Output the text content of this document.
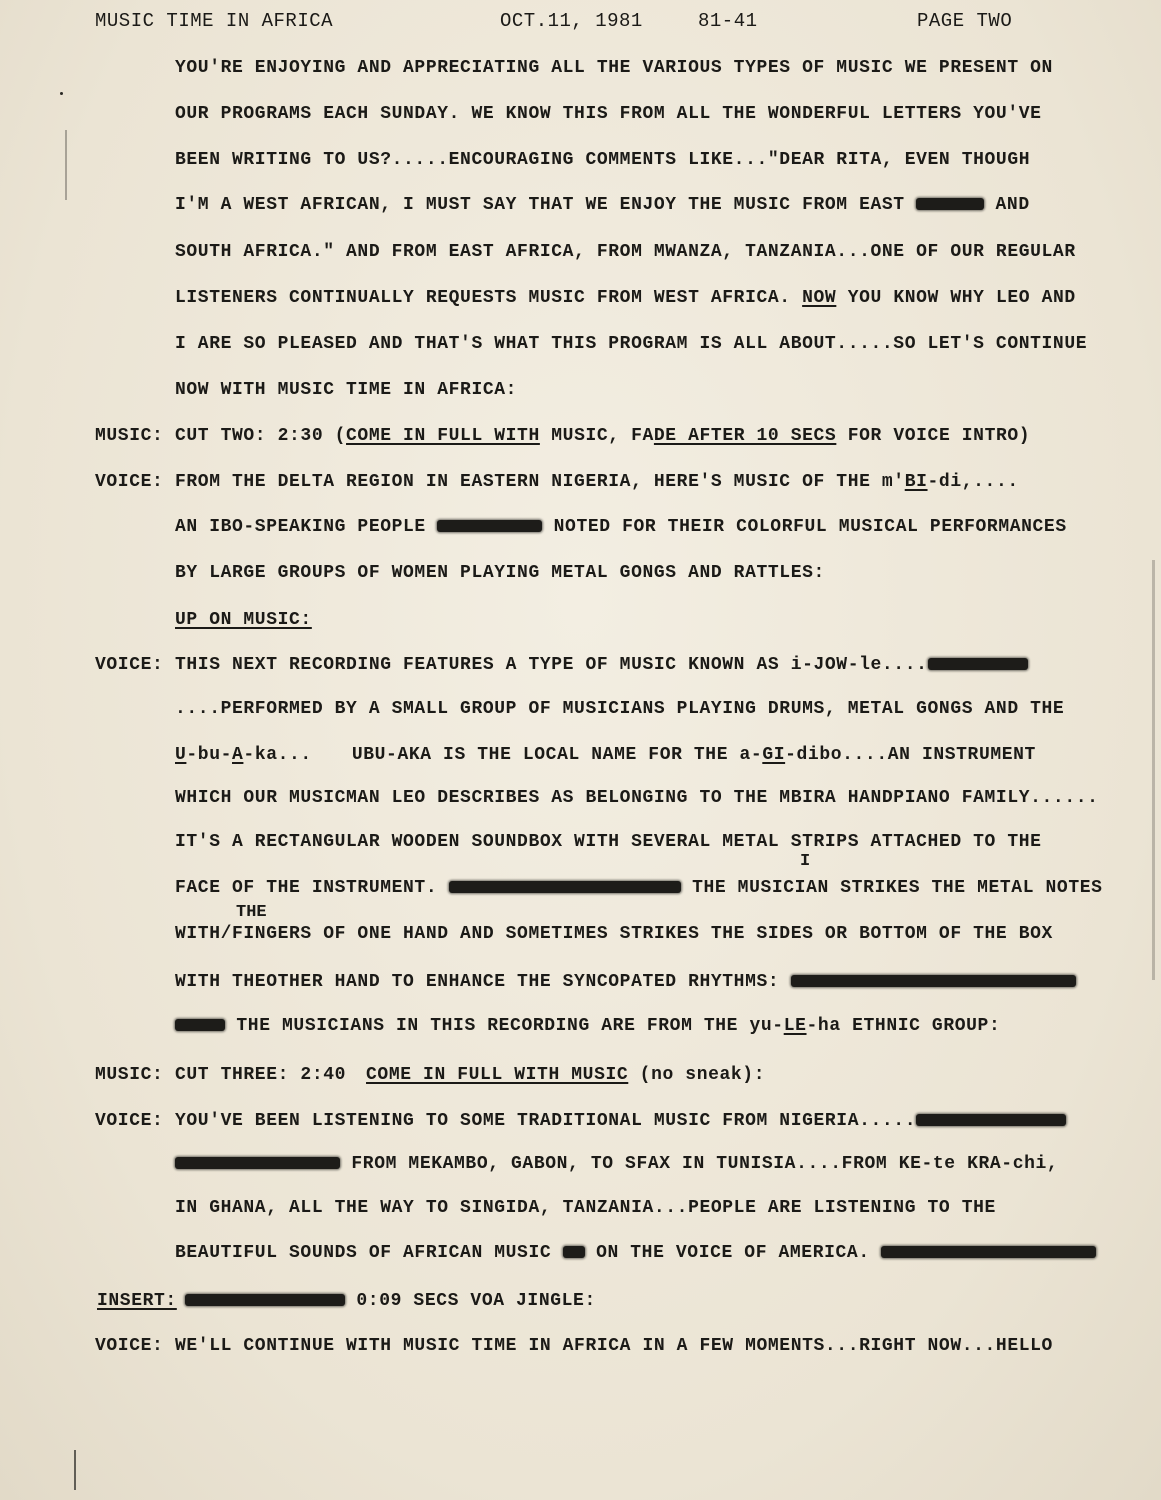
MUSIC TIME IN AFRICA	OCT.11, 1981	81-41	PAGE TWO
YOU'RE ENJOYING AND APPRECIATING ALL THE VARIOUS TYPES OF MUSIC WE PRESENT ON
OUR PROGRAMS EACH SUNDAY. WE KNOW THIS FROM ALL THE WONDERFUL LETTERS YOU'VE
BEEN WRITING TO US?.....ENCOURAGING COMMENTS LIKE..."DEAR RITA, EVEN THOUGH
I'M A WEST AFRICAN, I MUST SAY THAT WE ENJOY THE MUSIC FROM EAST	AND
SOUTH AFRICA." AND FROM EAST AFRICA, FROM MWANZA, TANZANIA...ONE OF OUR REGULAR
LISTENERS CONTINUALLY REQUESTS MUSIC FROM WEST AFRICA. NOW YOU KNOW WHY LEO AND
I ARE SO PLEASED AND THAT'S WHAT THIS PROGRAM IS ALL ABOUT.....SO LET'S CONTINUE
NOW WITH MUSIC TIME IN AFRICA:
MUSIC: CUT TWO: 2:30 (COME IN FULL WITH MUSIC, FADE AFTER 10 SECS FOR VOICE INTRO)
VOICE: FROM THE DELTA REGION IN EASTERN NIGERIA, HERE'S MUSIC OF THE m'BI-di,....
AN IBO-SPEAKING PEOPLE	NOTED FOR THEIR COLORFUL MUSICAL PERFORMANCES
BY LARGE GROUPS OF WOMEN PLAYING METAL GONGS AND RATTLES:
UP ON MUSIC:
VOICE: THIS NEXT RECORDING FEATURES A TYPE OF MUSIC KNOWN AS i-JOW-le....
....PERFORMED BY A SMALL GROUP OF MUSICIANS PLAYING DRUMS, METAL GONGS AND THE
U-bu-A-ka... UBU-AKA IS THE LOCAL NAME FOR THE a-GI-dibo....AN INSTRUMENT
WHICH OUR MUSICMAN LEO DESCRIBES AS BELONGING TO THE MBIRA HANDPIANO FAMILY......
IT'S A RECTANGULAR WOODEN SOUNDBOX WITH SEVERAL METAL STRIPS ATTACHED TO THE
I
FACE OF THE INSTRUMENT.	THE MUSICIAN STRIKES THE METAL NOTES
THE
WITH/FINGERS OF ONE HAND AND SOMETIMES STRIKES THE SIDES OR BOTTOM OF THE BOX
WITH THEOTHER HAND TO ENHANCE THE SYNCOPATED RHYTHMS:
THE MUSICIANS IN THIS RECORDING ARE FROM THE yu-LE-ha ETHNIC GROUP:
MUSIC: CUT THREE: 2:40 COME IN FULL WITH MUSIC (no sneak):
VOICE: YOU'VE BEEN LISTENING TO SOME TRADITIONAL MUSIC FROM NIGERIA.....
FROM MEKAMBO, GABON, TO SFAX IN TUNISIA....FROM KE-te KRA-chi,
IN GHANA, ALL THE WAY TO SINGIDA, TANZANIA...PEOPLE ARE LISTENING TO THE
BEAUTIFUL SOUNDS OF AFRICAN MUSIC ON THE VOICE OF AMERICA.
INSERT:	0:09 SECS VOA JINGLE:
VOICE: WE'LL CONTINUE WITH MUSIC TIME IN AFRICA IN A FEW MOMENTS...RIGHT NOW...HELLO
